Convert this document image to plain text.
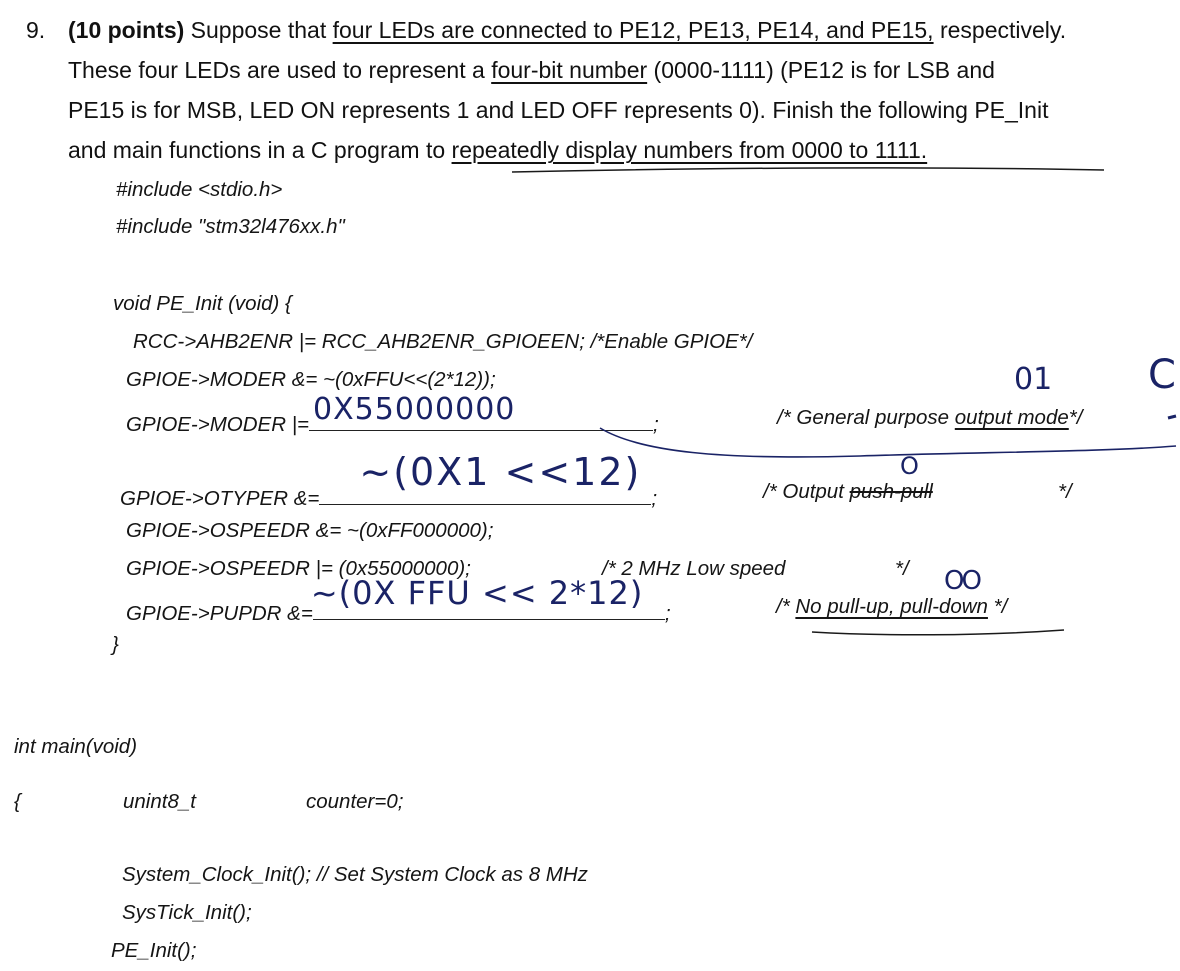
9. (10 points) Suppose that four LEDs are connected to PE12, PE13, PE14, and PE15, respectively.
These four LEDs are used to represent a four-bit number (0000-1111) (PE12 is for LSB and
PE15 is for MSB, LED ON represents 1 and LED OFF represents 0). Finish the following PE_Init
and main functions in a C program to repeatedly display numbers from 0000 to 1111.
#include <stdio.h>
#include "stm32l476xx.h"
void PE_Init (void) {
RCC->AHB2ENR |= RCC_AHB2ENR_GPIOEEN; /*Enable GPIOE*/
GPIOE->MODER &= ~(0xFFU<<(2*12));
GPIOE->MODER |= 0X55000000	;	/* General purpose output mode*/
GPIOE->OTYPER &=
~(0X1 <<12)
;	/* Output push-pull	*/
GPIOE->OSPEEDR &= ~(0xFF000000);
GPIOE->OSPEEDR |= (0x55000000);	/* 2 MHz Low speed	*/
GPIOE->PUPDR &=
~(0X FFU << 2*12)
;	/* No pull-up, pull-down */
}
int main(void)
{	unint8_t	counter=0;
System_Clock_Init(); // Set System Clock as 8 MHz
SysTick_Init();
PE_Init();
01 C
O
OO
